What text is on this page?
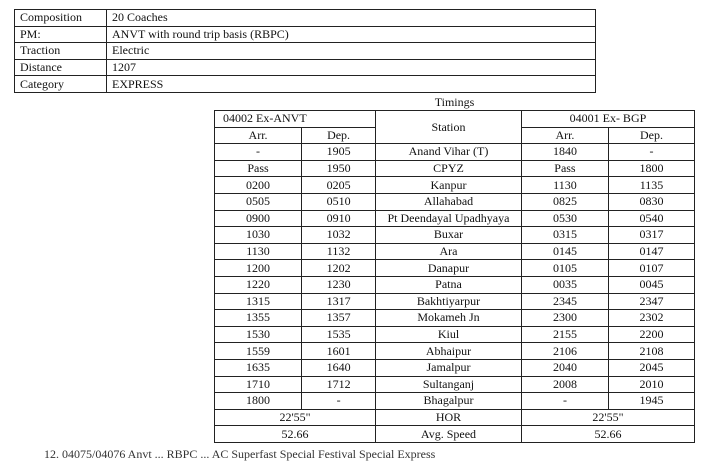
Composition	20 Coaches
PM:	ANVT with round trip basis (RBPC)
Traction	Electric
Distance	1207
Category	EXPRESS
Timings
04002 Ex-ANVT		Station	04001 Ex- BGP	
Arr.	Dep.		Arr.	Dep.
-	1905	Anand Vihar (T)	1840	-
Pass	1950	CPYZ	Pass	1800
0200	0205	Kanpur	1130	1135
0505	0510	Allahabad	0825	0830
0900	0910	Pt Deendayal Upadhyaya	0530	0540
1030	1032	Buxar	0315	0317
1130	1132	Ara	0145	0147
1200	1202	Danapur	0105	0107
1220	1230	Patna	0035	0045
1315	1317	Bakhtiyarpur	2345	2347
1355	1357	Mokameh Jn	2300	2302
1530	1535	Kiul	2155	2200
1559	1601	Abhaipur	2106	2108
1635	1640	Jamalpur	2040	2045
1710	1712	Sultanganj	2008	2010
1800	-	Bhagalpur	-	1945
22'55"		HOR	22'55"	
52.66		Avg. Speed	52.66	
12. 04075/04076 Anvt ... RBPC ... AC Superfast Special Festival Special Express
